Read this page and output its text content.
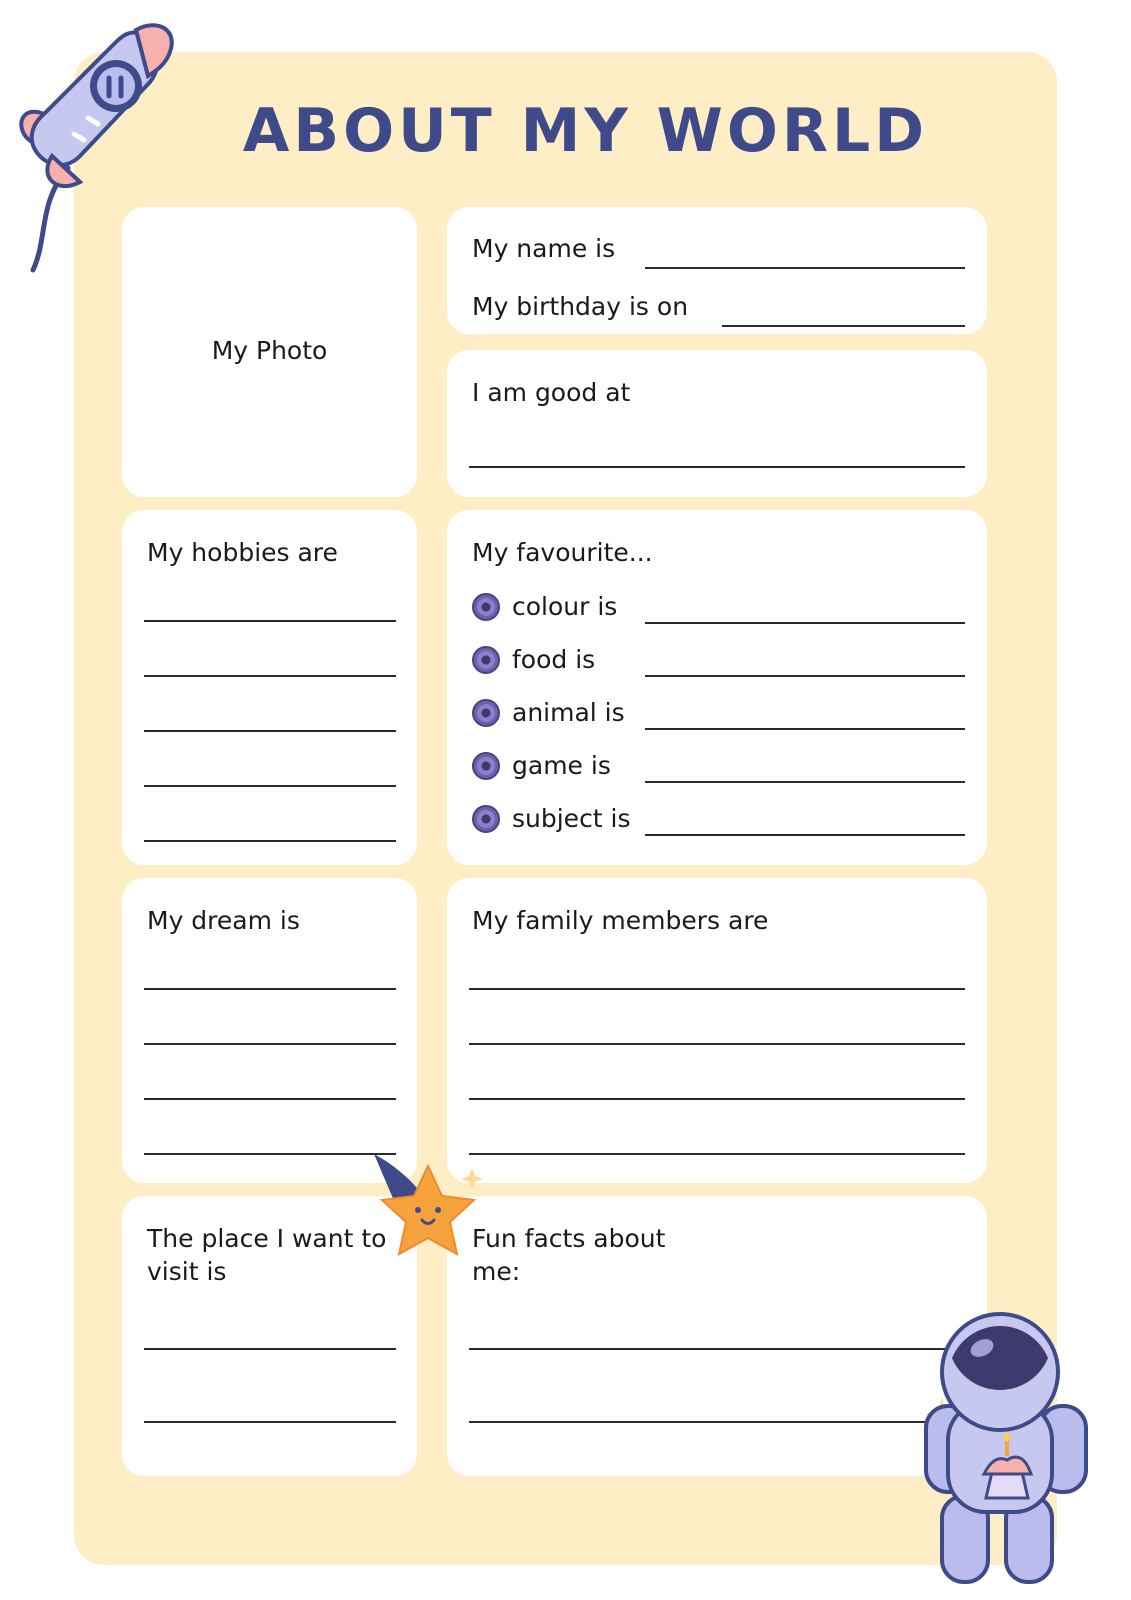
ABOUT MY WORLD
My Photo
My name is
My birthday is on
I am good at
My hobbies are	My favourite...
colour is
food is
animal is
game is
subject is
My dream is	My family members are
The place I want to visit is
Fun facts about me:
